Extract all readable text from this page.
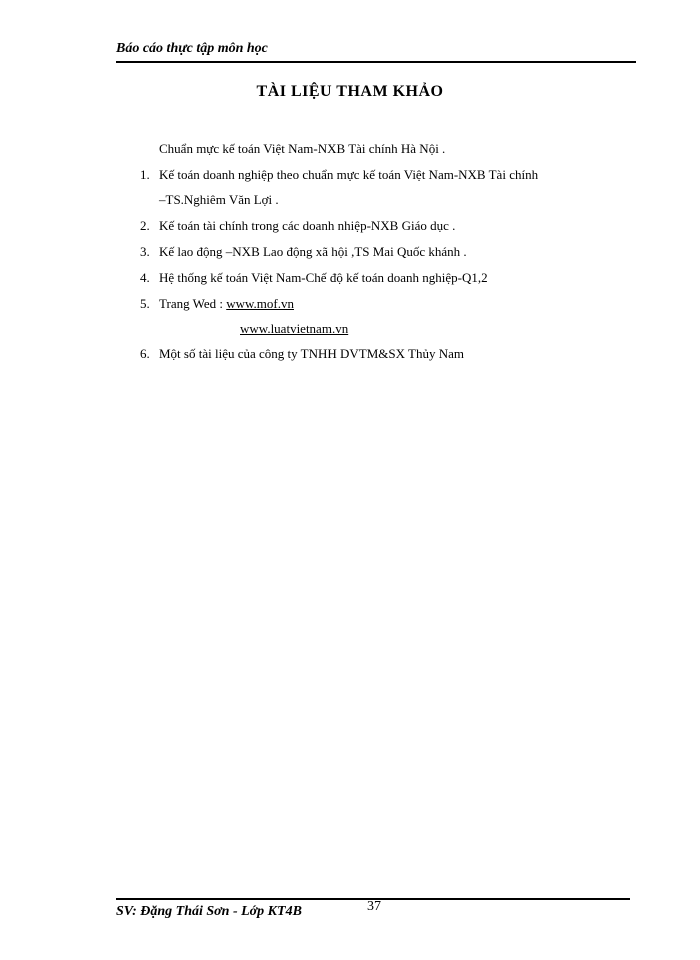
Báo cáo thực tập môn học
TÀI LIỆU THAM KHẢO
Chuẩn mực kế toán Việt Nam-NXB Tài chính Hà Nội .
1. Kế toán doanh nghiệp theo chuẩn mực kế toán Việt Nam-NXB Tài chính
–TS.Nghiêm Văn Lợi .
2. Kế toán tài chính trong các doanh nhiệp-NXB Giáo dục .
3. Kế lao động –NXB Lao động xã hội ,TS Mai Quốc khánh .
4. Hệ thống kế toán Việt Nam-Chế độ kế toán doanh nghiệp-Q1,2
5. Trang Wed : www.mof.vn
www.luatvietnam.vn
6. Một số tài liệu của công ty TNHH DVTM&SX Thủy Nam
SV: Đặng Thái Sơn - Lớp KT4B	37
